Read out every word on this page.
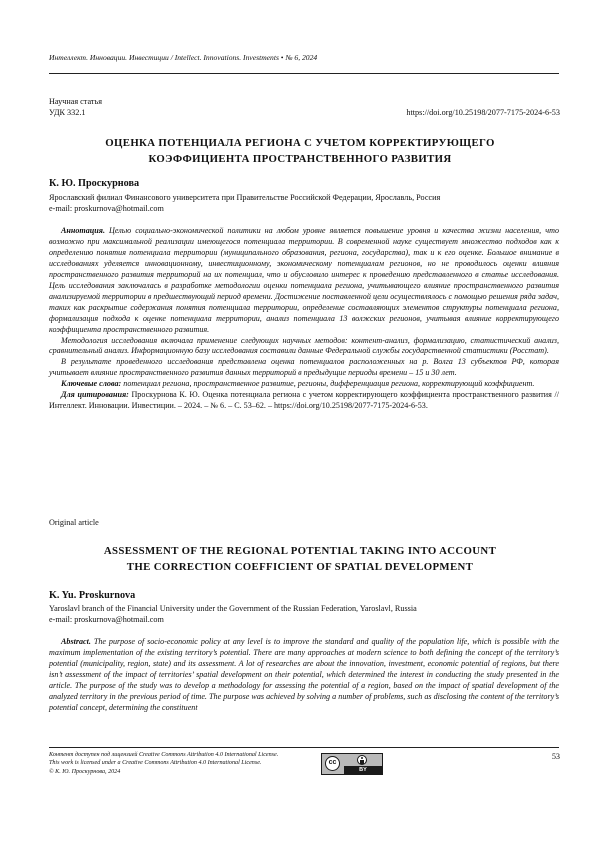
Интеллект. Инновации. Инвестиции / Intellect. Innovations. Investments • № 6, 2024
Научная статья
УДК 332.1	https://doi.org/10.25198/2077-7175-2024-6-53
ОЦЕНКА ПОТЕНЦИАЛА РЕГИОНА С УЧЕТОМ КОРРЕКТИРУЮЩЕГО
КОЭФФИЦИЕНТА ПРОСТРАНСТВЕННОГО РАЗВИТИЯ
К. Ю. Проскурнова
Ярославский филиал Финансового университета при Правительстве Российской Федерации, Ярославль, Россия
e-mail: proskurnova@hotmail.com
Аннотация. Целью социально-экономической политики на любом уровне является повышение уровня и качества жизни населения, что возможно при максимальной реализации имеющегося потенциала территории. В современной науке существует множество подходов как к определению понятия потенциала территории (муниципального образования, региона, государства), так и к его оценке. Большое внимание в исследованиях уделяется инновационному, инвестиционному, экономическому потенциалам регионов, но не проводилось оценки влияния пространственного развития территорий на их потенциал, что и обусловило интерес к проведению представленного в статье исследования. Цель исследования заключалась в разработке методологии оценки потенциала региона, учитывающего влияние пространственного развития анализируемой территории в предшествующий период времени. Достижение поставленной цели осуществлялось с помощью решения ряда задач, таких как раскрытие содержания понятия потенциала территории, определение составляющих элементов структуры потенциала региона, формализация подхода к оценке потенциала территории, анализ потенциала 13 волжских регионов, учитывая влияние корректирующего коэффициента пространственного развития.
Методология исследования включала применение следующих научных методов: контент-анализ, формализацию, статистический анализ, сравнительный анализ. Информационную базу исследования составили данные Федеральной службы государственной статистики (Росстат).
В результате проведенного исследования представлена оценка потенциалов расположенных на р. Волга 13 субъектов РФ, которая учитывает влияние пространственного развития данных территорий в предыдущие периоды времени – 15 и 30 лет.
Ключевые слова: потенциал региона, пространственное развитие, регионы, дифференциация региона, корректирующий коэффициент.
Для цитирования: Проскурнова К. Ю. Оценка потенциала региона с учетом корректирующего коэффициента пространственного развития // Интеллект. Инновации. Инвестиции. – 2024. – № 6. – С. 53–62. – https://doi.org/10.25198/2077-7175-2024-6-53.
Original article
ASSESSMENT OF THE REGIONAL POTENTIAL TAKING INTO ACCOUNT
THE CORRECTION COEFFICIENT OF SPATIAL DEVELOPMENT
K. Yu. Proskurnova
Yaroslavl branch of the Financial University under the Government of the Russian Federation, Yaroslavl, Russia
e-mail: proskurnova@hotmail.com
Abstract. The purpose of socio-economic policy at any level is to improve the standard and quality of the population life, which is possible with the maximum implementation of the existing territory’s potential. There are many approaches at modern science to both defining the concept of the territory’s potential (municipality, region, state) and its assessment. A lot of researches are about the innovation, investment, economic potential of regions, but there isn’t assessment of the impact of territories’ spatial development on their potential, which determined the interest in conducting the study presented in the article. The purpose of the study was to develop a methodology for assessing the potential of a region, based on the impact of spatial development of the analyzed territory in the previous period of time. The purpose was achieved by solving a number of problems, such as disclosing the content of the territory’s potential concept, determining the constituent
Контент доступен под лицензией Creative Commons Attribution 4.0 International License.
This work is licensed under a Creative Commons Attribution 4.0 International License.
© К. Ю. Проскурнова, 2024
cc
BY
53
